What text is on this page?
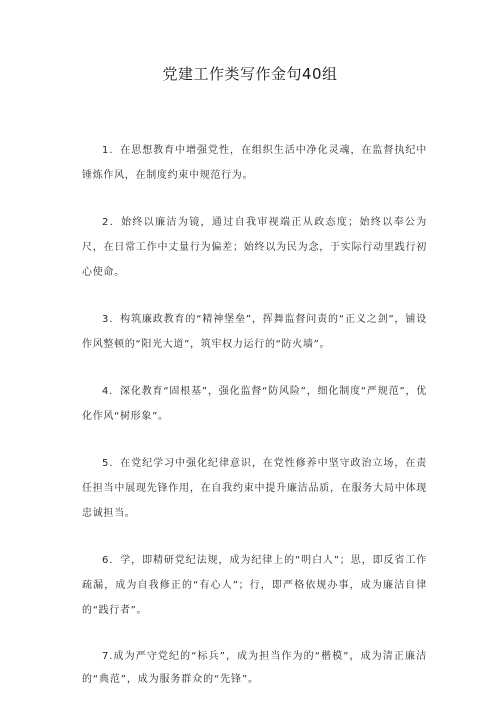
党建工作类写作金句40组

1．在思想教育中增强党性，在组织生活中净化灵魂，在监督执纪中锤炼作风，在制度约束中规范行为。

2．始终以廉洁为镜，通过自我审视端正从政态度；始终以奉公为尺，在日常工作中丈量行为偏差；始终以为民为念，于实际行动里践行初心使命。

3．构筑廉政教育的“精神堡垒”，挥舞监督问责的“正义之剑”，铺设作风整顿的“阳光大道”，筑牢权力运行的“防火墙”。

4．深化教育“固根基”，强化监督“防风险”，细化制度“严规范”，优化作风“树形象”。

5．在党纪学习中强化纪律意识，在党性修养中坚守政治立场，在责任担当中展现先锋作用，在自我约束中提升廉洁品质，在服务大局中体现忠诚担当。

6．学，即精研党纪法规，成为纪律上的“明白人”；思，即反省工作疏漏，成为自我修正的“有心人”；行，即严格依规办事，成为廉洁自律的“践行者”。

7.成为严守党纪的“标兵”，成为担当作为的“楷模”，成为清正廉洁的“典范”，成为服务群众的“先锋”。
